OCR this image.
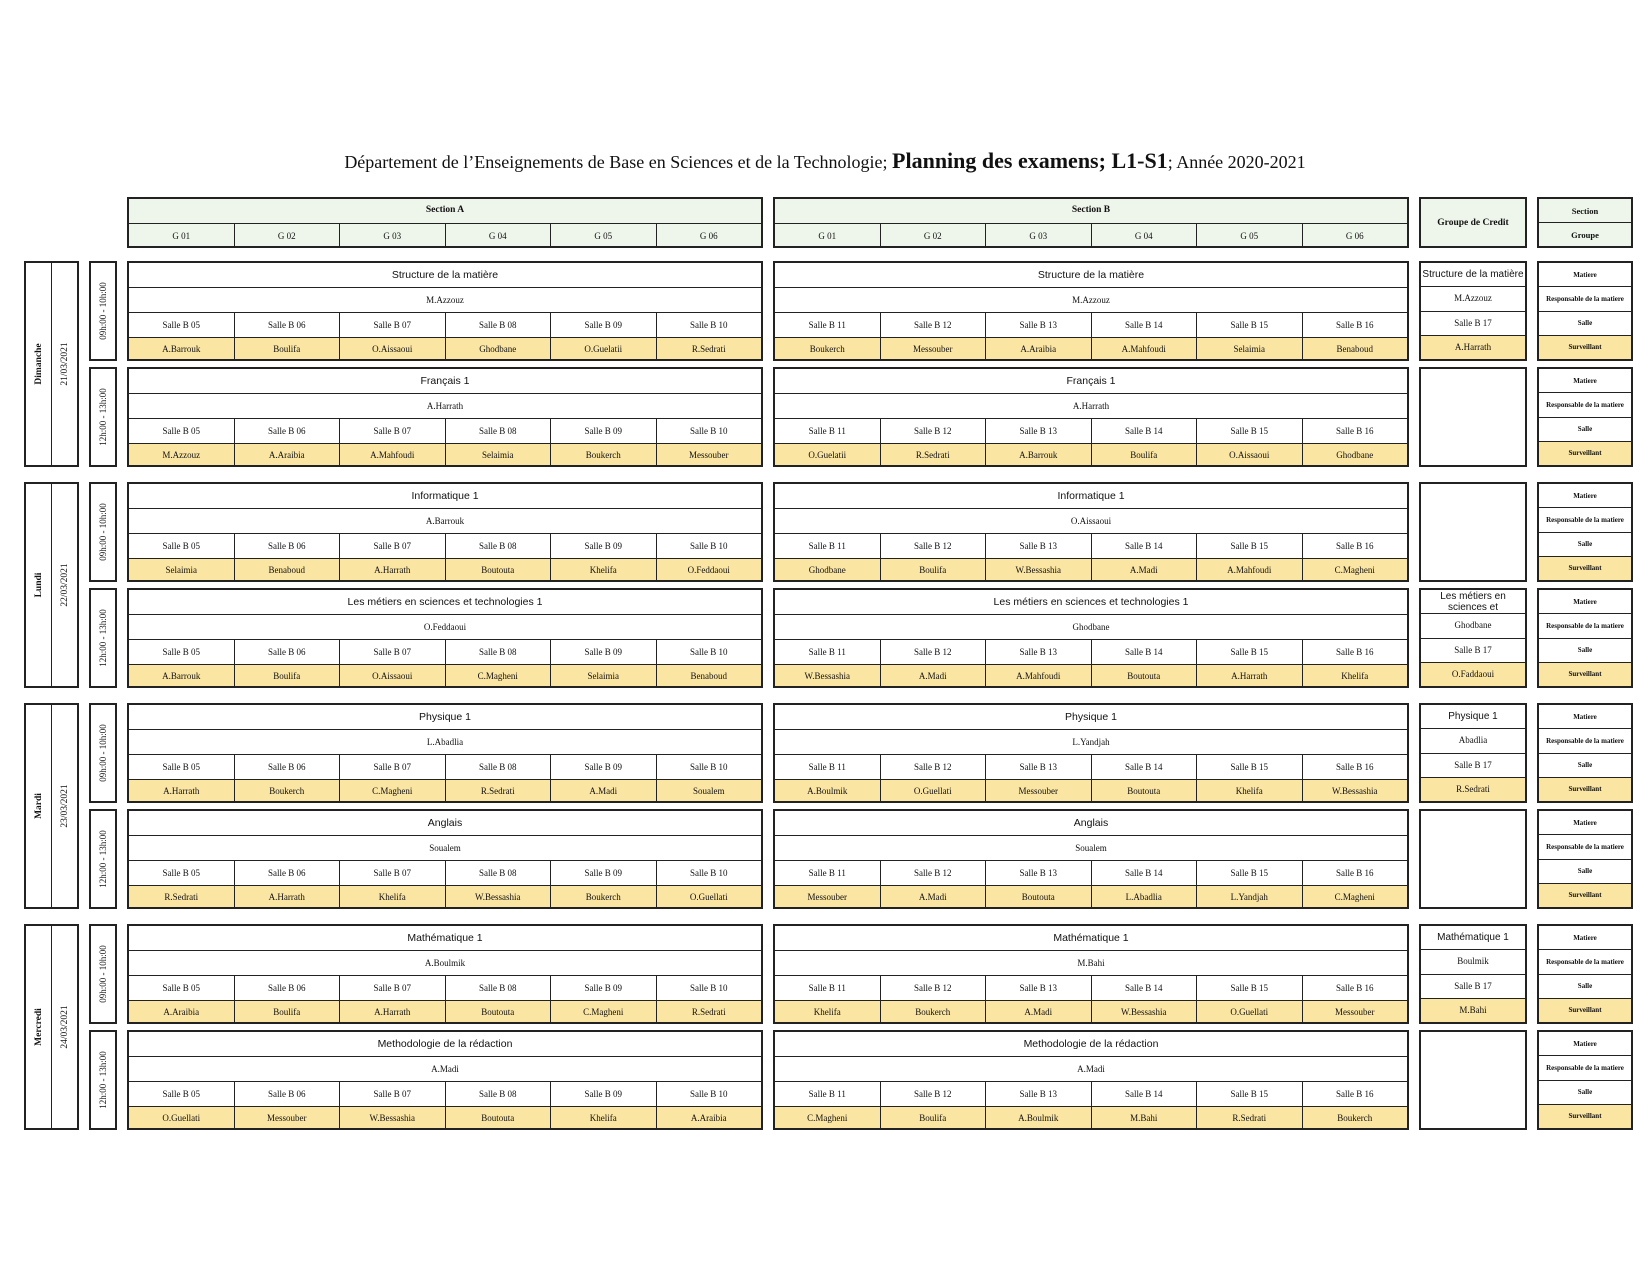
Département de l’Enseignements de Base en Sciences et de la Technologie; Planning des examens; L1-S1; Année 2020-2021
Section A
G 01	G 02	G 03	G 04	G 05	G 06
Section B
G 01	G 02	G 03	G 04	G 05	G 06
Groupe de Credit
Section
Groupe
Dimanche 21/03/2021
Lundi 22/03/2021
Mardi 23/03/2021
Mercredi 24/03/2021
09h:00 - 10h:00
Structure de la matière
M.Azzouz
Salle B 05	Salle B 06	Salle B 07	Salle B 08	Salle B 09	Salle B 10
A.Barrouk	Boulifa	O.Aissaoui	Ghodbane	O.Guelatii	R.Sedrati
Structure de la matière
M.Azzouz
Salle B 11	Salle B 12	Salle B 13	Salle B 14	Salle B 15	Salle B 16
Boukerch	Messouber	A.Araibia	A.Mahfoudi	Selaimia	Benaboud
Structure de la matière
M.Azzouz
Salle B 17
A.Harrath
Matiere
Responsable de la matiere
Salle
Surveillant
12h:00 - 13h:00
Français 1
A.Harrath
Salle B 05	Salle B 06	Salle B 07	Salle B 08	Salle B 09	Salle B 10
M.Azzouz	A.Araibia	A.Mahfoudi	Selaimia	Boukerch	Messouber
Français 1
A.Harrath
Salle B 11	Salle B 12	Salle B 13	Salle B 14	Salle B 15	Salle B 16
O.Guelatii	R.Sedrati	A.Barrouk	Boulifa	O.Aissaoui	Ghodbane
Matiere
Responsable de la matiere
Salle
Surveillant
09h:00 - 10h:00
Informatique 1
A.Barrouk
Salle B 05	Salle B 06	Salle B 07	Salle B 08	Salle B 09	Salle B 10
Selaimia	Benaboud	A.Harrath	Boutouta	Khelifa	O.Feddaoui
Informatique 1
O.Aissaoui
Salle B 11	Salle B 12	Salle B 13	Salle B 14	Salle B 15	Salle B 16
Ghodbane	Boulifa	W.Bessashia	A.Madi	A.Mahfoudi	C.Magheni
Matiere
Responsable de la matiere
Salle
Surveillant
12h:00 - 13h:00
Les métiers en sciences et technologies 1
O.Feddaoui
Salle B 05	Salle B 06	Salle B 07	Salle B 08	Salle B 09	Salle B 10
A.Barrouk	Boulifa	O.Aissaoui	C.Magheni	Selaimia	Benaboud
Les métiers en sciences et technologies 1
Ghodbane
Salle B 11	Salle B 12	Salle B 13	Salle B 14	Salle B 15	Salle B 16
W.Bessashia	A.Madi	A.Mahfoudi	Boutouta	A.Harrath	Khelifa
Les métiers en sciences et
Ghodbane
Salle B 17
O.Faddaoui
Matiere
Responsable de la matiere
Salle
Surveillant
09h:00 - 10h:00
Physique 1
L.Abadlia
Salle B 05	Salle B 06	Salle B 07	Salle B 08	Salle B 09	Salle B 10
A.Harrath	Boukerch	C.Magheni	R.Sedrati	A.Madi	Soualem
Physique 1
L.Yandjah
Salle B 11	Salle B 12	Salle B 13	Salle B 14	Salle B 15	Salle B 16
A.Boulmik	O.Guellati	Messouber	Boutouta	Khelifa	W.Bessashia
Physique 1
Abadlia
Salle B 17
R.Sedrati
Matiere
Responsable de la matiere
Salle
Surveillant
12h:00 - 13h:00
Anglais
Soualem
Salle B 05	Salle B 06	Salle B 07	Salle B 08	Salle B 09	Salle B 10
R.Sedrati	A.Harrath	Khelifa	W.Bessashia	Boukerch	O.Guellati
Anglais
Soualem
Salle B 11	Salle B 12	Salle B 13	Salle B 14	Salle B 15	Salle B 16
Messouber	A.Madi	Boutouta	L.Abadlia	L.Yandjah	C.Magheni
Matiere
Responsable de la matiere
Salle
Surveillant
09h:00 - 10h:00
Mathématique 1
A.Boulmik
Salle B 05	Salle B 06	Salle B 07	Salle B 08	Salle B 09	Salle B 10
A.Araibia	Boulifa	A.Harrath	Boutouta	C.Magheni	R.Sedrati
Mathématique 1
M.Bahi
Salle B 11	Salle B 12	Salle B 13	Salle B 14	Salle B 15	Salle B 16
Khelifa	Boukerch	A.Madi	W.Bessashia	O.Guellati	Messouber
Mathématique 1
Boulmik
Salle B 17
M.Bahi
Matiere
Responsable de la matiere
Salle
Surveillant
12h:00 - 13h:00
Methodologie de la rédaction
A.Madi
Salle B 05	Salle B 06	Salle B 07	Salle B 08	Salle B 09	Salle B 10
O.Guellati	Messouber	W.Bessashia	Boutouta	Khelifa	A.Araibia
Methodologie de la rédaction
A.Madi
Salle B 11	Salle B 12	Salle B 13	Salle B 14	Salle B 15	Salle B 16
C.Magheni	Boulifa	A.Boulmik	M.Bahi	R.Sedrati	Boukerch
Matiere
Responsable de la matiere
Salle
Surveillant
